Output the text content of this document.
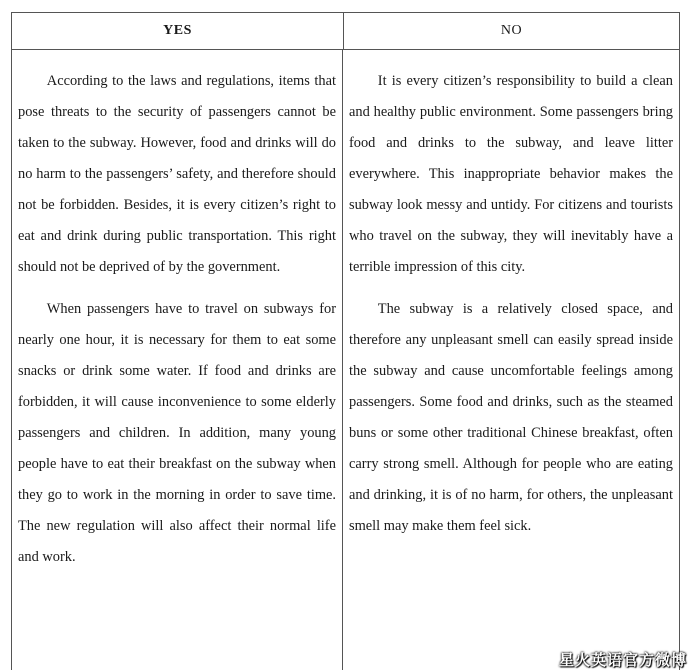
YES	NO

According to the laws and regulations, items that pose threats to the security of passengers cannot be taken to the subway. However, food and drinks will do no harm to the passengers’ safety, and therefore should not be forbidden. Besides, it is every citizen’s right to eat and drink during public transportation. This right should not be deprived of by the government.

When passengers have to travel on subways for nearly one hour, it is necessary for them to eat some snacks or drink some water. If food and drinks are forbidden, it will cause inconvenience to some elderly passengers and children. In addition, many young people have to eat their breakfast on the subway when they go to work in the morning in order to save time. The new regulation will also affect their normal life and work.

It is every citizen’s responsibility to build a clean and healthy public environment. Some passengers bring food and drinks to the subway, and leave litter everywhere. This inappropriate behavior makes the subway look messy and untidy. For citizens and tourists who travel on the subway, they will inevitably have a terrible impression of this city.

The subway is a relatively closed space, and therefore any unpleasant smell can easily spread inside the subway and cause uncomfortable feelings among passengers. Some food and drinks, such as the steamed buns or some other traditional Chinese breakfast, often carry strong smell. Although for people who are eating and drinking, it is of no harm, for others, the unpleasant smell may make them feel sick.

星火英语官方微博
